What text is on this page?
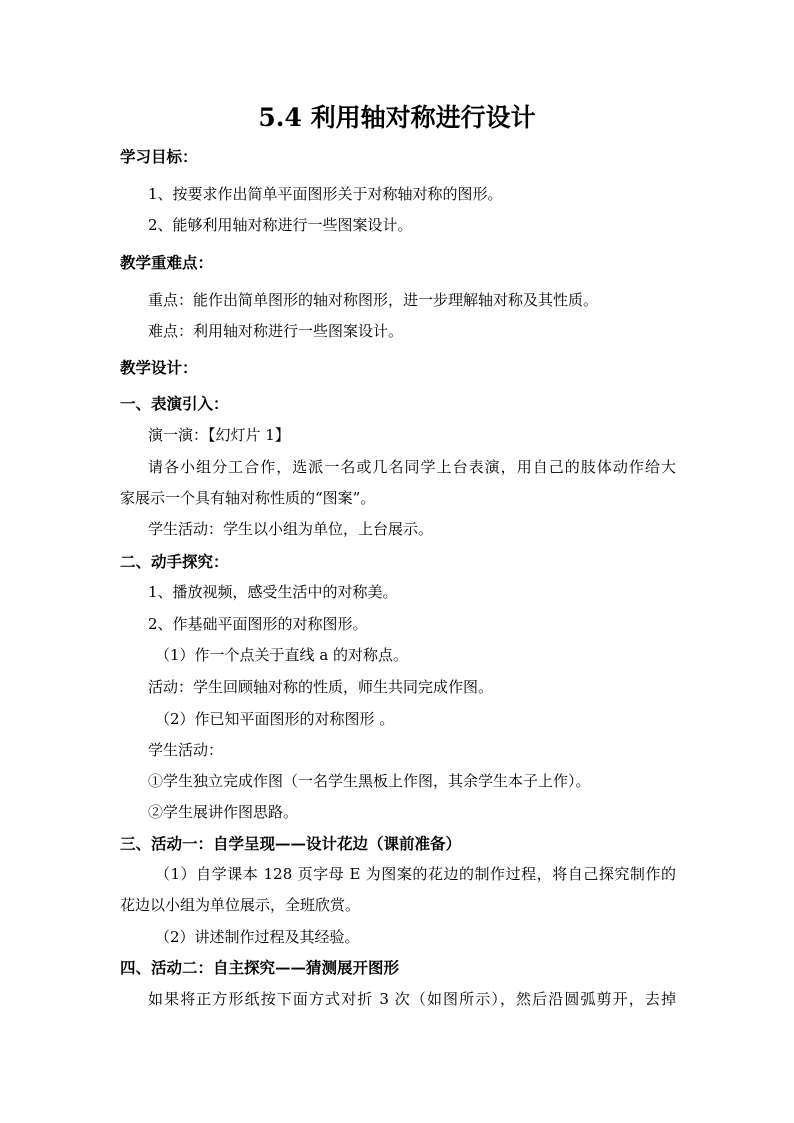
5.4 利用轴对称进行设计
学习目标：
1、按要求作出简单平面图形关于对称轴对称的图形。
2、能够利用轴对称进行一些图案设计。
教学重难点：
重点：能作出简单图形的轴对称图形，进一步理解轴对称及其性质。
难点：利用轴对称进行一些图案设计。
教学设计：
一、表演引入：
演一演：【幻灯片 1】
请各小组分工合作，选派一名或几名同学上台表演，用自己的肢体动作给大
家展示一个具有轴对称性质的“图案”。
学生活动：学生以小组为单位，上台展示。
二、动手探究：
1、播放视频，感受生活中的对称美。
2、作基础平面图形的对称图形。
（1）作一个点关于直线 a 的对称点。
活动：学生回顾轴对称的性质，师生共同完成作图。
（2）作已知平面图形的对称图形 。
学生活动：
①学生独立完成作图（一名学生黑板上作图，其余学生本子上作）。
②学生展讲作图思路。
三、活动一：自学呈现——设计花边（课前准备）
（1）自学课本 128 页字母 E 为图案的花边的制作过程，将自己探究制作的
花边以小组为单位展示，全班欣赏。
（2）讲述制作过程及其经验。
四、活动二：自主探究——猜测展开图形
如果将正方形纸按下面方式对折 3 次（如图所示），然后沿圆弧剪开，去掉
